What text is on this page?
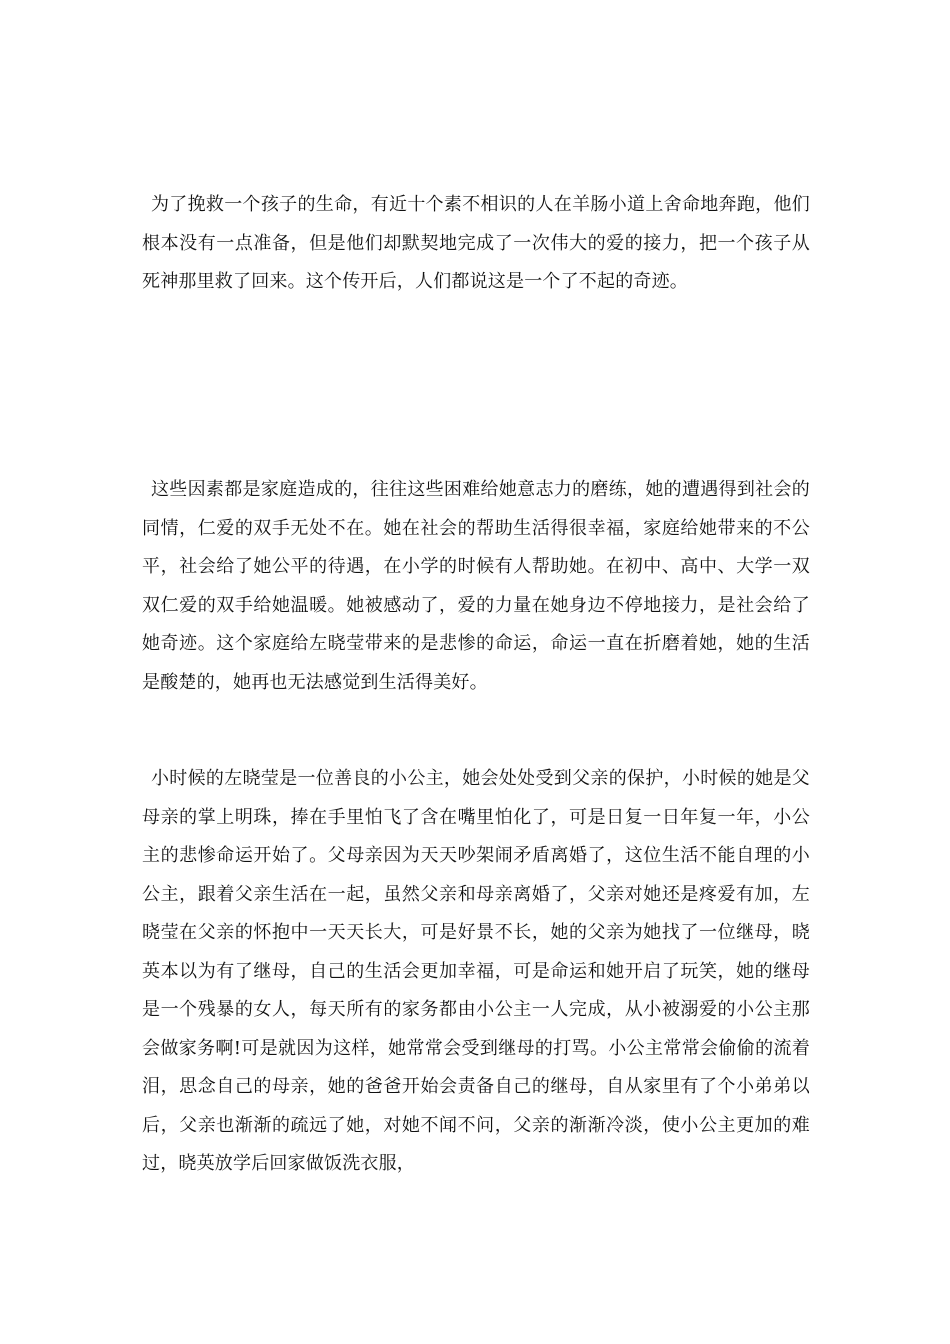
为了挽救一个孩子的生命，有近十个素不相识的人在羊肠小道上舍命地奔跑，他们根本没有一点准备，但是他们却默契地完成了一次伟大的爱的接力，把一个孩子从死神那里救了回来。这个传开后，人们都说这是一个了不起的奇迹。

这些因素都是家庭造成的，往往这些困难给她意志力的磨练，她的遭遇得到社会的同情，仁爱的双手无处不在。她在社会的帮助生活得很幸福，家庭给她带来的不公平，社会给了她公平的待遇，在小学的时候有人帮助她。在初中、高中、大学一双双仁爱的双手给她温暖。她被感动了，爱的力量在她身边不停地接力，是社会给了她奇迹。这个家庭给左晓莹带来的是悲惨的命运，命运一直在折磨着她，她的生活是酸楚的，她再也无法感觉到生活得美好。

小时候的左晓莹是一位善良的小公主，她会处处受到父亲的保护，小时候的她是父母亲的掌上明珠，捧在手里怕飞了含在嘴里怕化了，可是日复一日年复一年，小公主的悲惨命运开始了。父母亲因为天天吵架闹矛盾离婚了，这位生活不能自理的小公主，跟着父亲生活在一起，虽然父亲和母亲离婚了，父亲对她还是疼爱有加，左晓莹在父亲的怀抱中一天天长大，可是好景不长，她的父亲为她找了一位继母，晓英本以为有了继母，自己的生活会更加幸福，可是命运和她开启了玩笑，她的继母是一个残暴的女人，每天所有的家务都由小公主一人完成，从小被溺爱的小公主那会做家务啊!可是就因为这样，她常常会受到继母的打骂。小公主常常会偷偷的流着泪，思念自己的母亲，她的爸爸开始会责备自己的继母，自从家里有了个小弟弟以后，父亲也渐渐的疏远了她，对她不闻不问，父亲的渐渐冷淡，使小公主更加的难过，晓英放学后回家做饭洗衣服，
